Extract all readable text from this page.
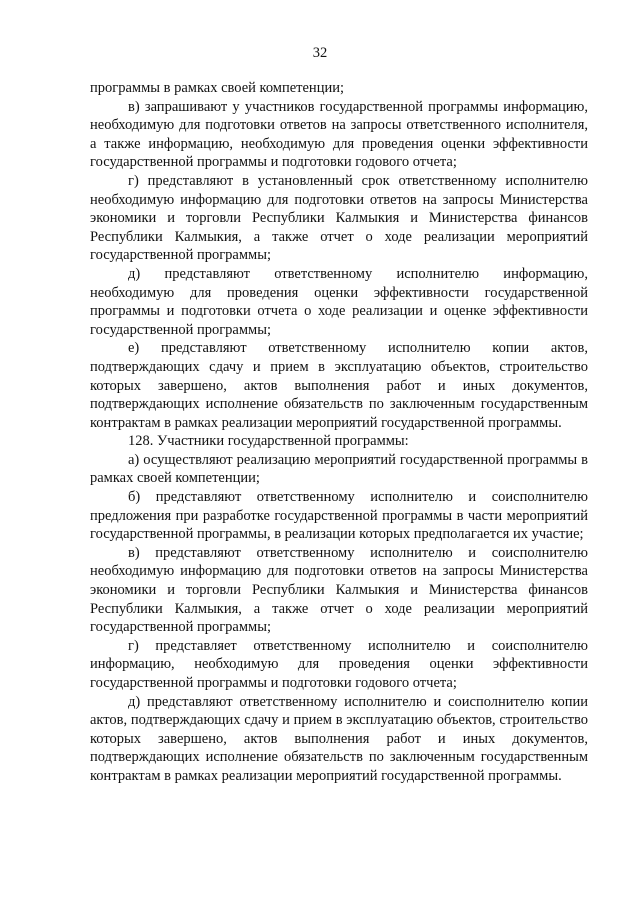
32

программы в рамках своей компетенции;

в) запрашивают у участников государственной программы информацию, необходимую для подготовки ответов на запросы ответственного исполнителя, а также информацию, необходимую для проведения оценки эффективности государственной программы и подготовки годового отчета;

г) представляют в установленный срок ответственному исполнителю необходимую информацию для подготовки ответов на запросы Министерства экономики и торговли Республики Калмыкия и Министерства финансов Республики Калмыкия, а также отчет о ходе реализации мероприятий государственной программы;

д) представляют ответственному исполнителю информацию, необходимую для проведения оценки эффективности государственной программы и подготовки отчета о ходе реализации и оценке эффективности государственной программы;

е) представляют ответственному исполнителю копии актов, подтверждающих сдачу и прием в эксплуатацию объектов, строительство которых завершено, актов выполнения работ и иных документов, подтверждающих исполнение обязательств по заключенным государственным контрактам в рамках реализации мероприятий государственной программы.

128. Участники государственной программы:

а) осуществляют реализацию мероприятий государственной программы в рамках своей компетенции;

б) представляют ответственному исполнителю и соисполнителю предложения при разработке государственной программы в части мероприятий государственной программы, в реализации которых предполагается их участие;

в) представляют ответственному исполнителю и соисполнителю необходимую информацию для подготовки ответов на запросы Министерства экономики и торговли Республики Калмыкия и Министерства финансов Республики Калмыкия, а также отчет о ходе реализации мероприятий государственной программы;

г) представляет ответственному исполнителю и соисполнителю информацию, необходимую для проведения оценки эффективности государственной программы и подготовки годового отчета;

д) представляют ответственному исполнителю и соисполнителю копии актов, подтверждающих сдачу и прием в эксплуатацию объектов, строительство которых завершено, актов выполнения работ и иных документов, подтверждающих исполнение обязательств по заключенным государственным контрактам в рамках реализации мероприятий государственной программы.
